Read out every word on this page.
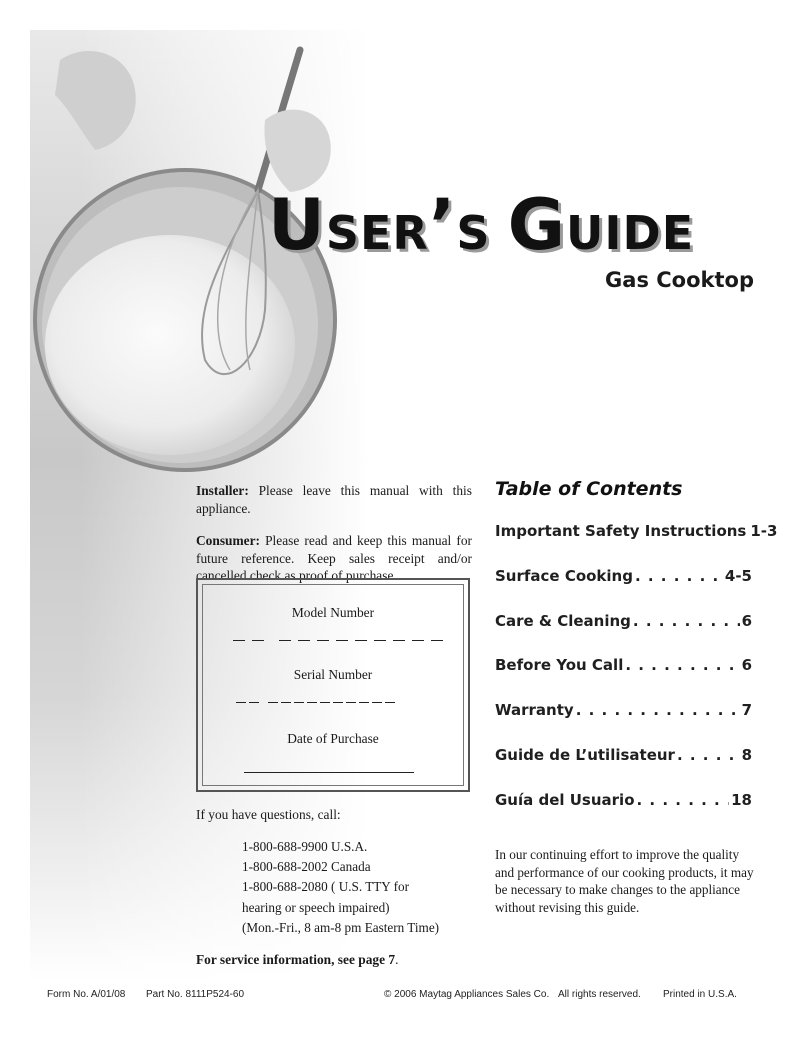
USER’S GUIDE
Gas Cooktop

Installer: Please leave this manual with this appliance.

Consumer: Please read and keep this manual for future reference. Keep sales receipt and/or cancelled check as proof of purchase.

Model Number
Serial Number
Date of Purchase
If you have questions, call:
1-800-688-9900 U.S.A.
1-800-688-2002 Canada
1-800-688-2080 ( U.S. TTY for
hearing or speech impaired)
(Mon.-Fri., 8 am-8 pm Eastern Time)
For service information, see page 7.
Table of Contents
Important Safety Instructions 1-3
Surface Cooking . . .	4-5
Care & Cleaning . . .	6
Before You Call . . .	6
Warranty . . .	7
Guide de L’utilisateur . . .	8
Guía del Usuario . . .	18
In our continuing effort to improve the quality and performance of our cooking products, it may be necessary to make changes to the appliance without revising this guide.
Form No. A/01/08 Part No. 8111P524-60	© 2006 Maytag Appliances Sales Co. All rights reserved. Printed in U.S.A.
